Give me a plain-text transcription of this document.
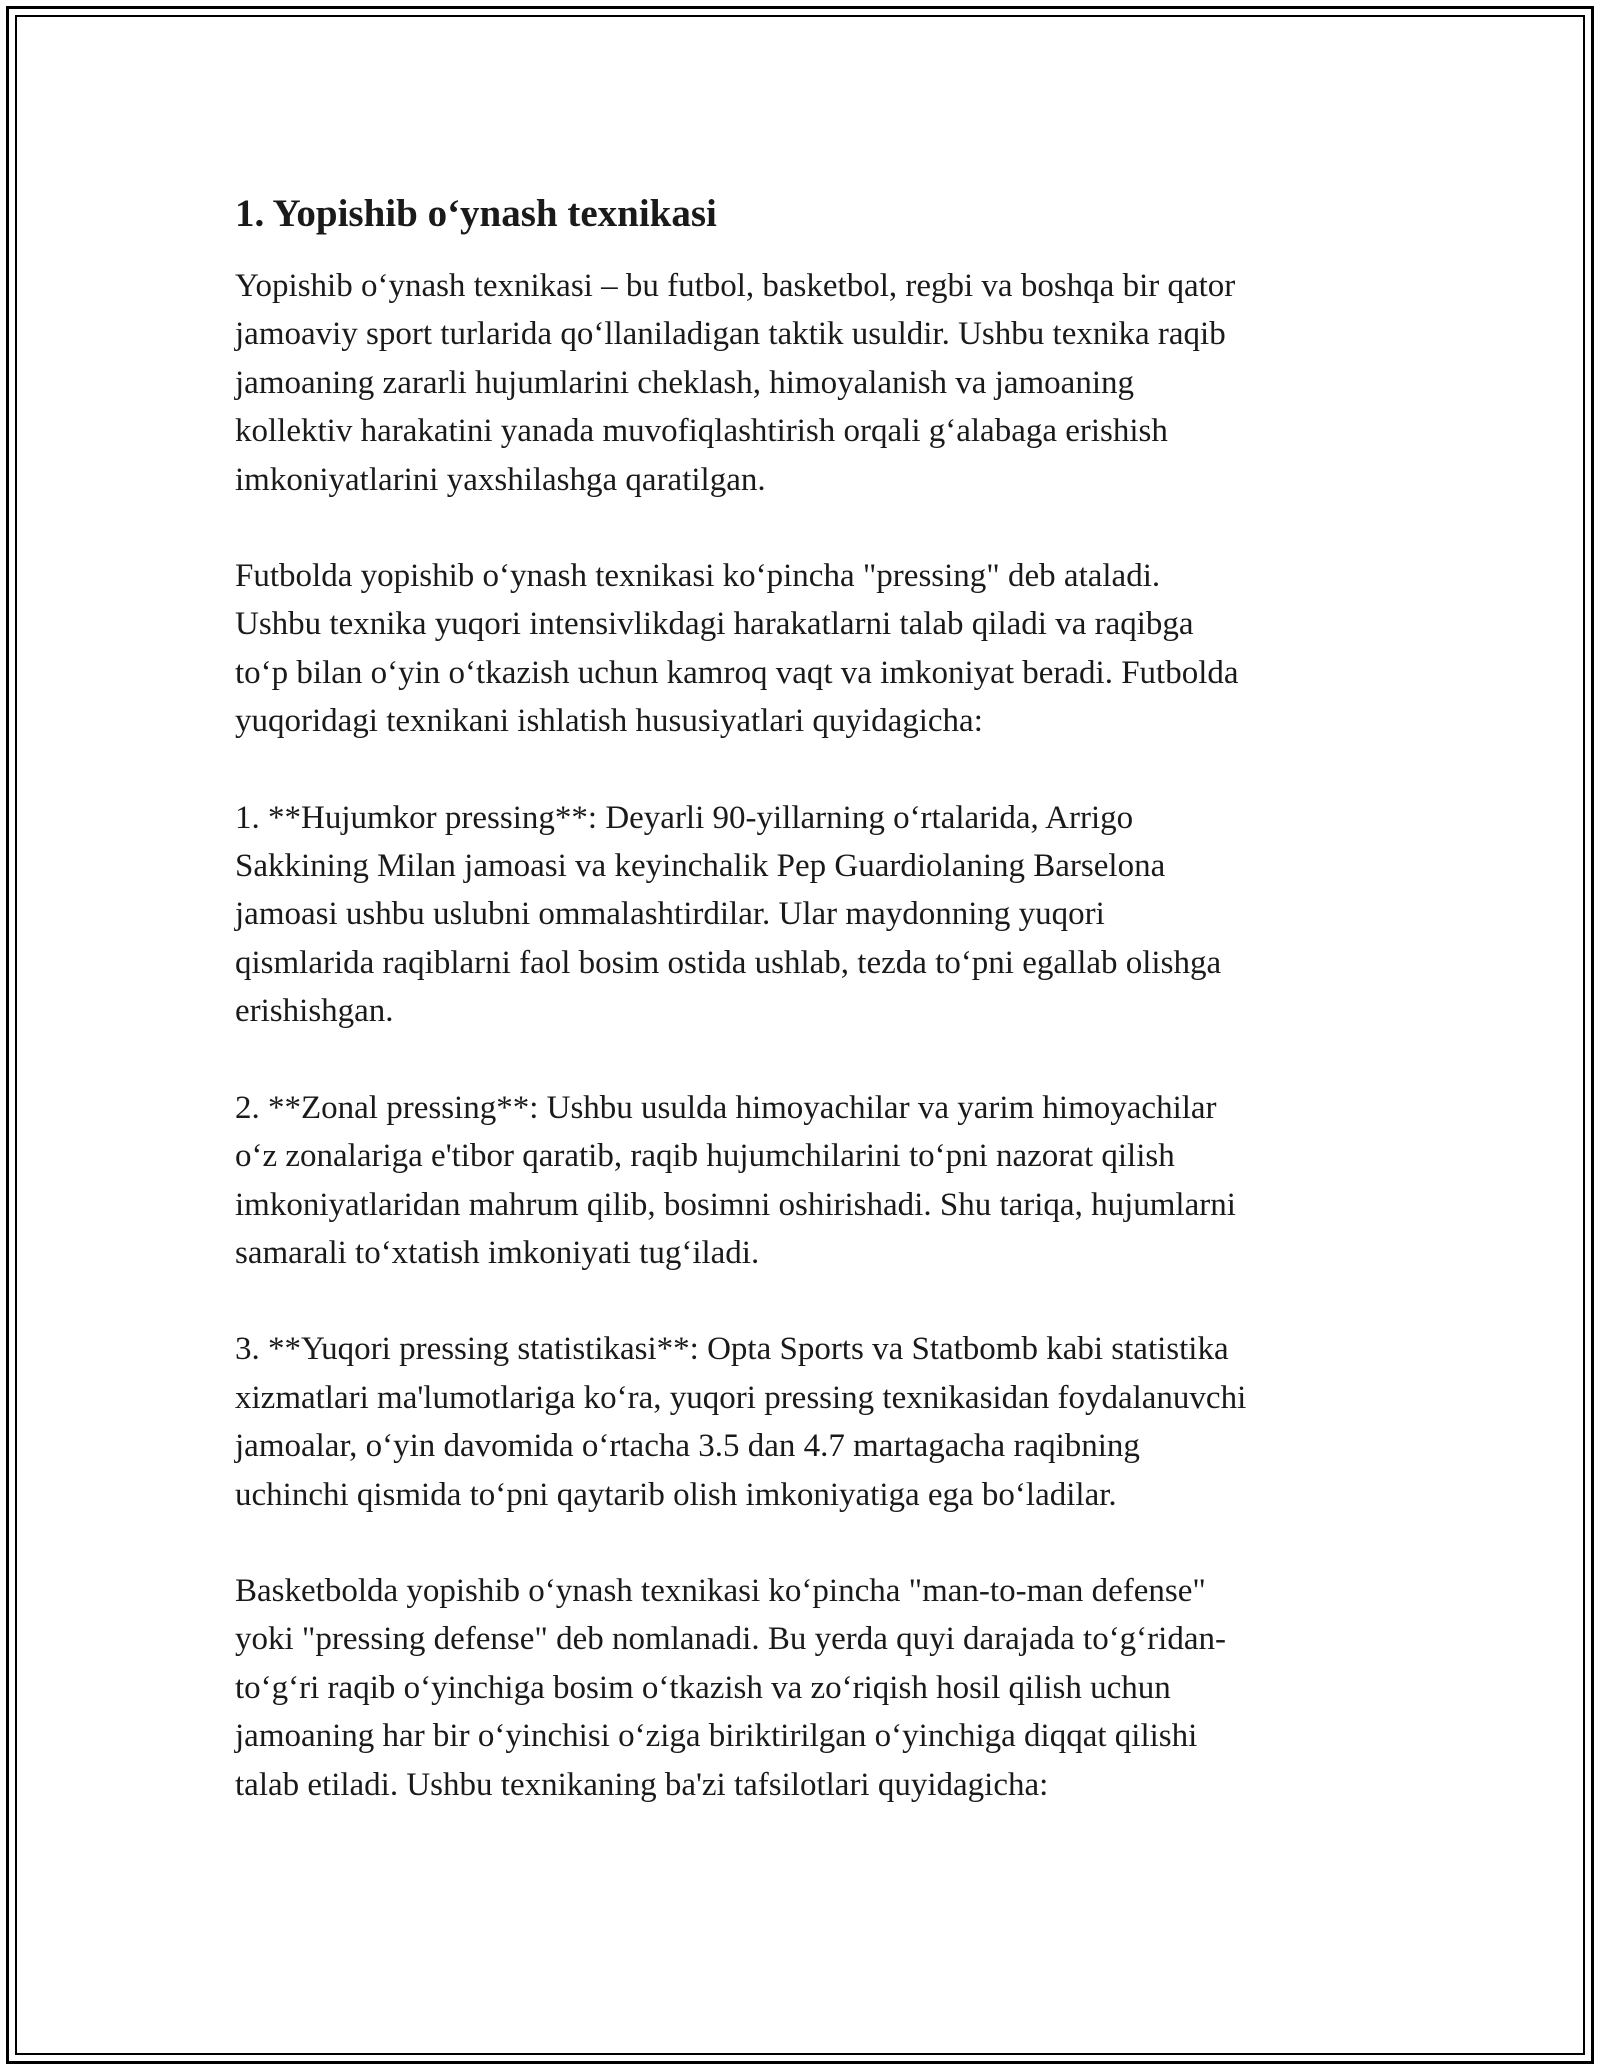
1. Yopishib o‘ynash texnikasi

Yopishib o‘ynash texnikasi – bu futbol, basketbol, regbi va boshqa bir qator
jamoaviy sport turlarida qo‘llaniladigan taktik usuldir. Ushbu texnika raqib
jamoaning zararli hujumlarini cheklash, himoyalanish va jamoaning
kollektiv harakatini yanada muvofiqlashtirish orqali g‘alabaga erishish
imkoniyatlarini yaxshilashga qaratilgan.

Futbolda yopishib o‘ynash texnikasi ko‘pincha "pressing" deb ataladi.
Ushbu texnika yuqori intensivlikdagi harakatlarni talab qiladi va raqibga
to‘p bilan o‘yin o‘tkazish uchun kamroq vaqt va imkoniyat beradi. Futbolda
yuqoridagi texnikani ishlatish hususiyatlari quyidagicha:

1. **Hujumkor pressing**: Deyarli 90-yillarning o‘rtalarida, Arrigo
Sakkining Milan jamoasi va keyinchalik Pep Guardiolaning Barselona
jamoasi ushbu uslubni ommalashtirdilar. Ular maydonning yuqori
qismlarida raqiblarni faol bosim ostida ushlab, tezda to‘pni egallab olishga
erishishgan.

2. **Zonal pressing**: Ushbu usulda himoyachilar va yarim himoyachilar
o‘z zonalariga e'tibor qaratib, raqib hujumchilarini to‘pni nazorat qilish
imkoniyatlaridan mahrum qilib, bosimni oshirishadi. Shu tariqa, hujumlarni
samarali to‘xtatish imkoniyati tug‘iladi.

3. **Yuqori pressing statistikasi**: Opta Sports va Statbomb kabi statistika
xizmatlari ma'lumotlariga ko‘ra, yuqori pressing texnikasidan foydalanuvchi
jamoalar, o‘yin davomida o‘rtacha 3.5 dan 4.7 martagacha raqibning
uchinchi qismida to‘pni qaytarib olish imkoniyatiga ega bo‘ladilar.

Basketbolda yopishib o‘ynash texnikasi ko‘pincha "man-to-man defense"
yoki "pressing defense" deb nomlanadi. Bu yerda quyi darajada to‘g‘ridan-
to‘g‘ri raqib o‘yinchiga bosim o‘tkazish va zo‘riqish hosil qilish uchun
jamoaning har bir o‘yinchisi o‘ziga biriktirilgan o‘yinchiga diqqat qilishi
talab etiladi. Ushbu texnikaning ba'zi tafsilotlari quyidagicha:
